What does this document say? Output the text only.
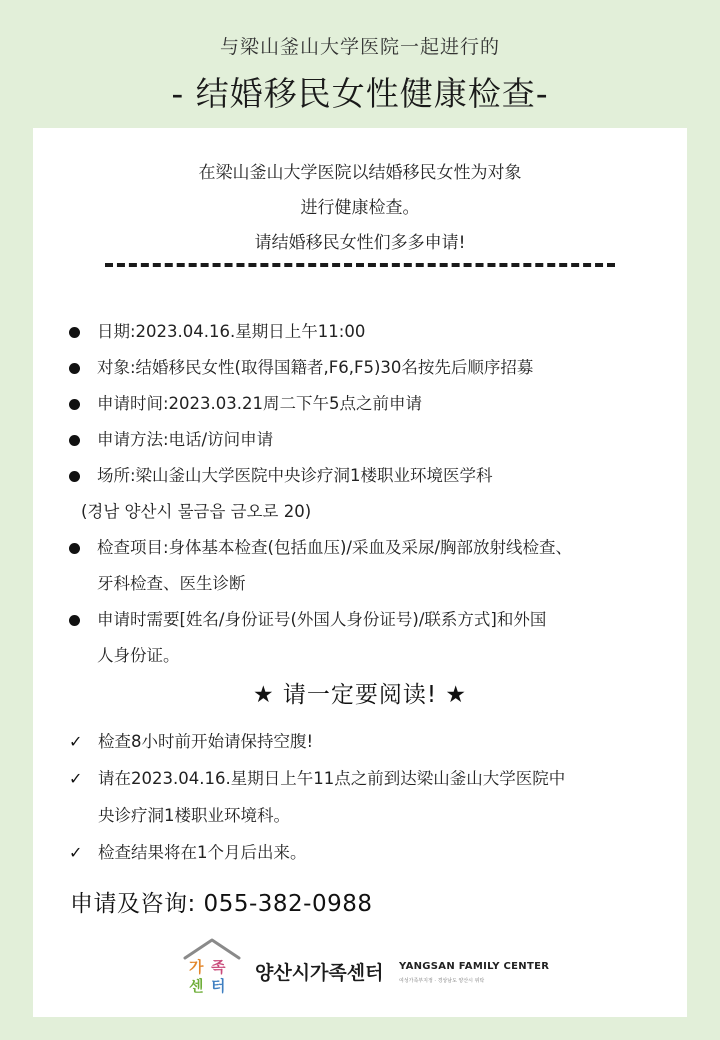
与梁山釜山大学医院一起进行的
- 结婚移民女性健康检查-
在梁山釜山大学医院以结婚移民女性为对象
进行健康检查。
请结婚移民女性们多多申请!
日期:2023.04.16.星期日上午11:00
对象:结婚移民女性(取得国籍者,F6,F5)30名按先后顺序招募
申请时间:2023.03.21周二下午5点之前申请
申请方法:电话/访问申请
场所:梁山釜山大学医院中央诊疗洞1楼职业环境医学科
(경남 양산시 물금읍 금오로 20)
检查项目:身体基本检查(包括血压)/采血及采尿/胸部放射线检查、
牙科检查、医生诊断
申请时需要[姓名/身份证号(外国人身份证号)/联系方式]和外国
人身份证。
★ 请一定要阅读! ★
✓ 检查8小时前开始请保持空腹!
✓ 请在2023.04.16.星期日上午11点之前到达梁山釜山大学医院中
央诊疗洞1楼职业环境科。
✓ 检查结果将在1个月后出来。
申请及咨询: 055-382-0988
가 족
센 터
양산시가족센터 YANGSAN FAMILY CENTER
여성가족부지정 · 경상남도 양산시 위탁
